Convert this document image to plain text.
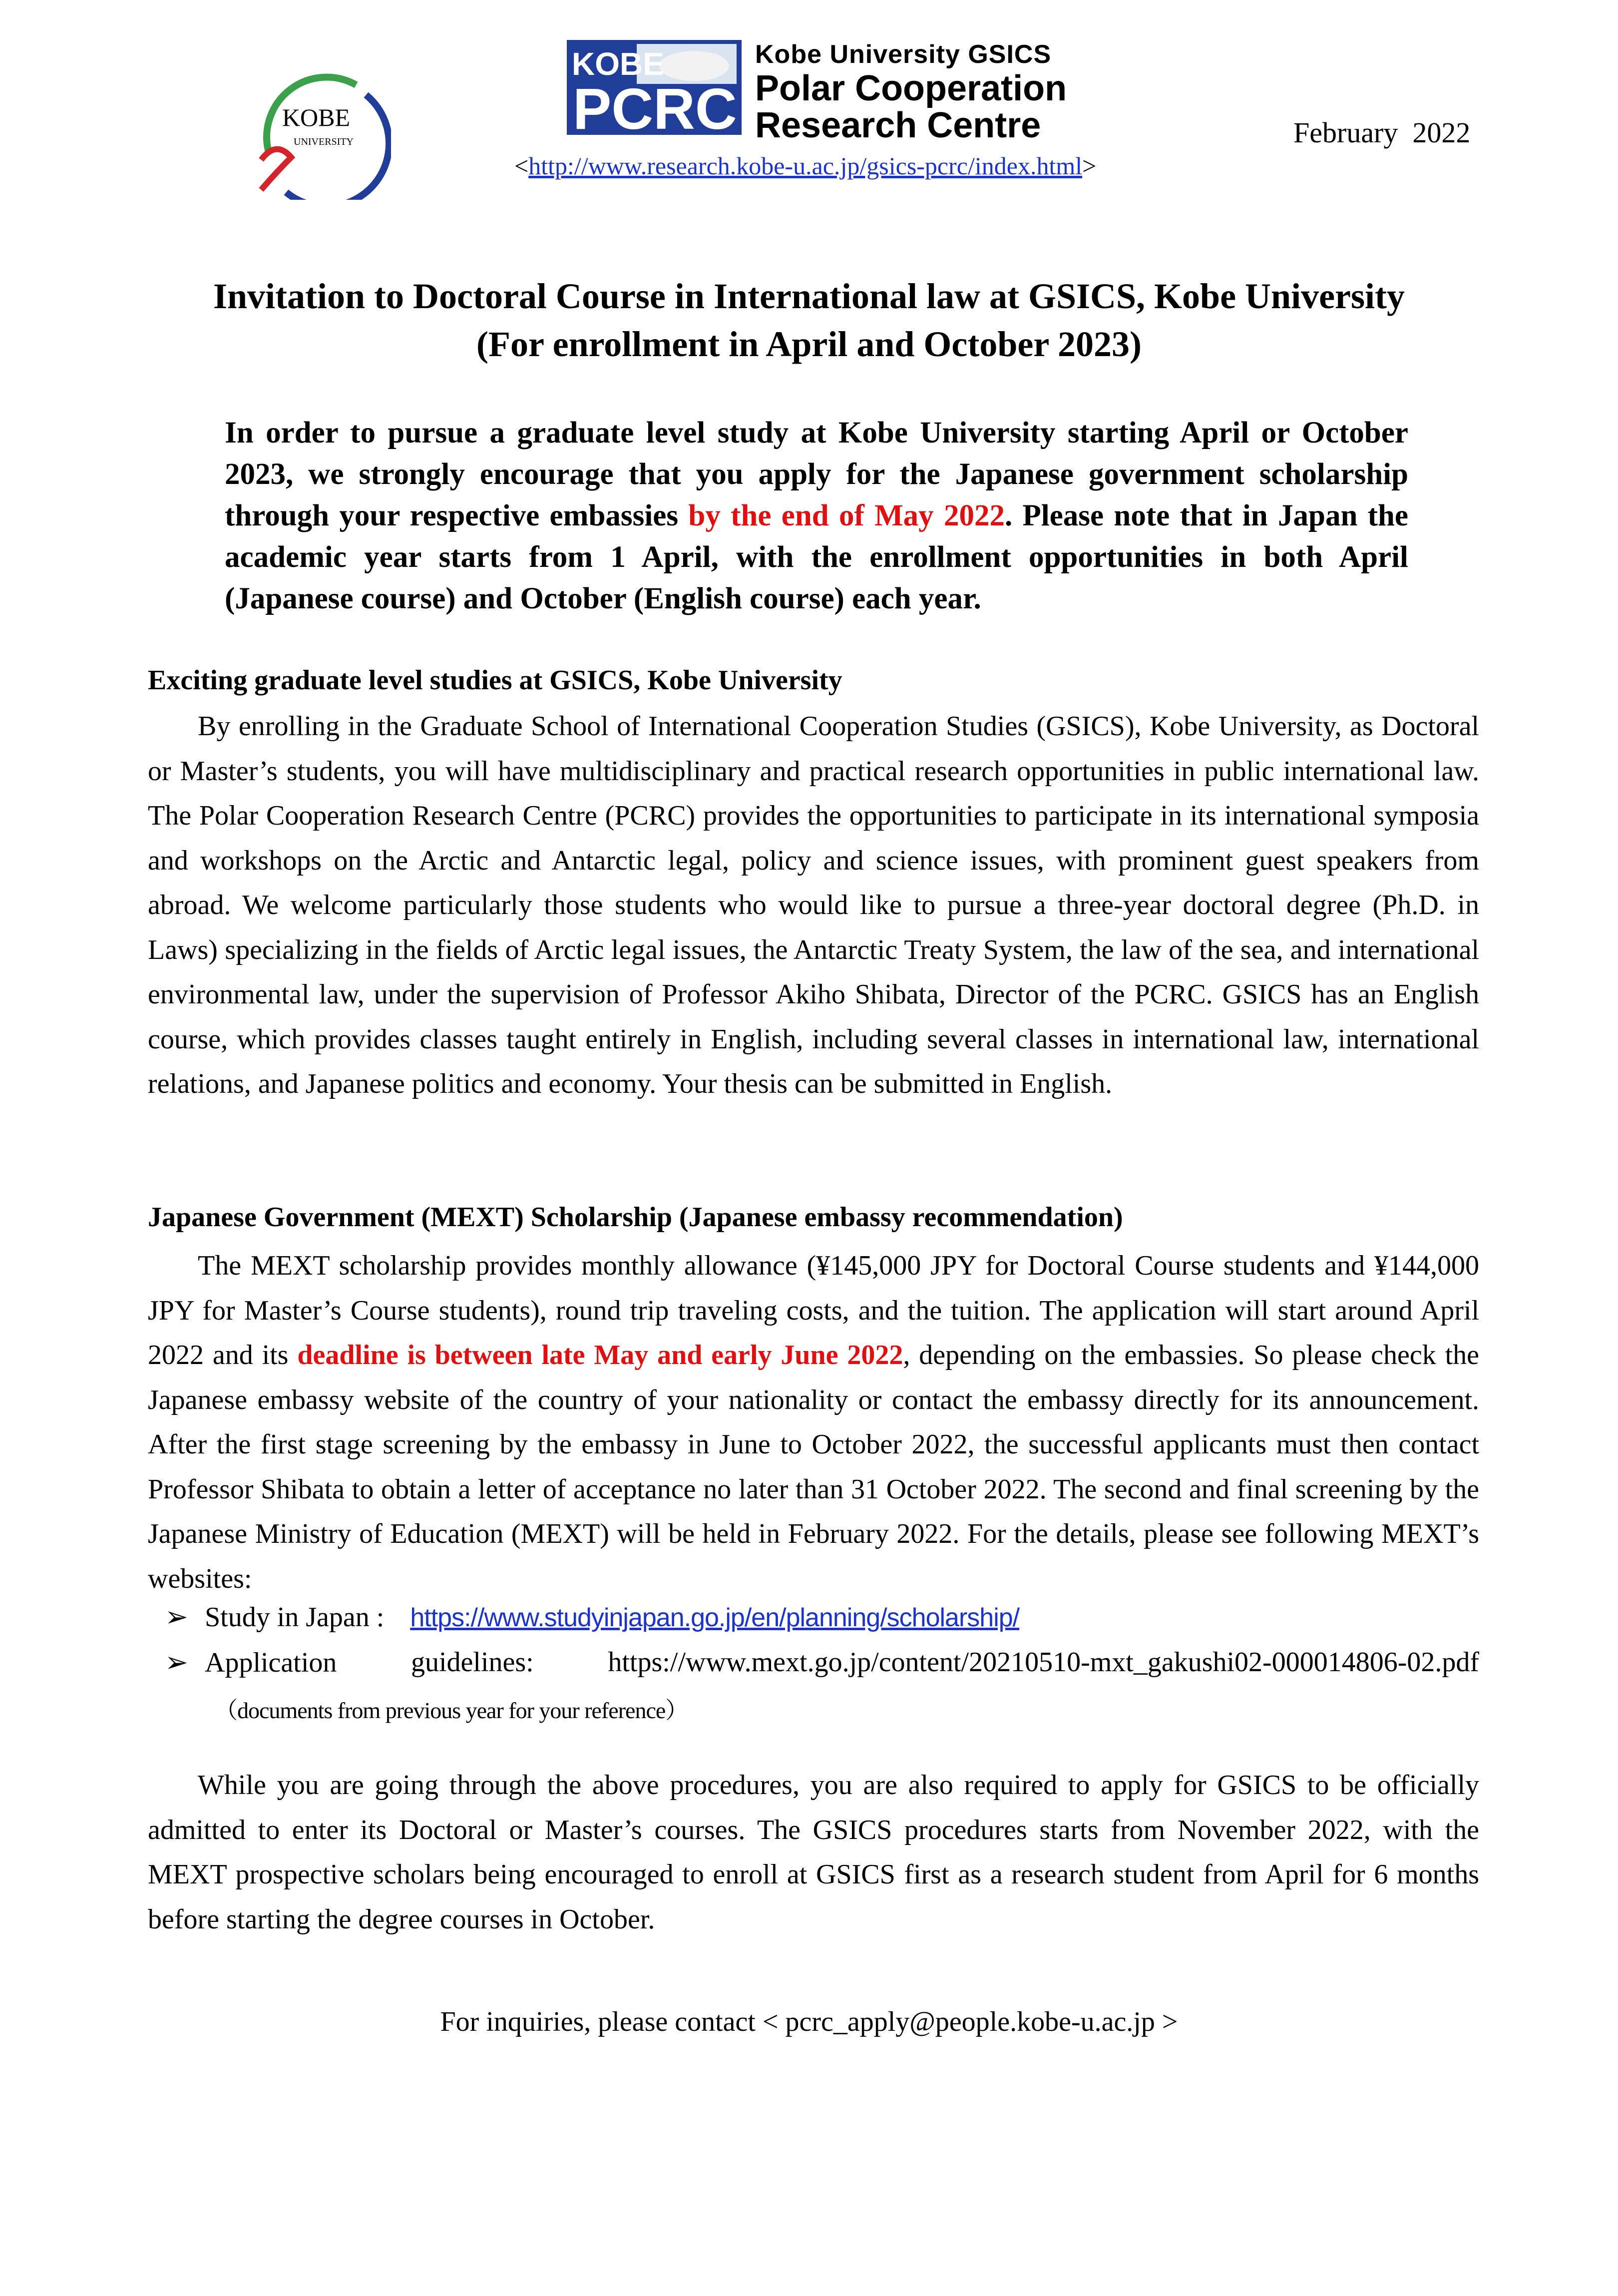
KOBE
UNIVERSITY
KOBE
PCRC
Kobe University GSICS
Polar Cooperation
Research Centre
<http://www.research.kobe-u.ac.jp/gsics-pcrc/index.html>
February  2022
Invitation to Doctoral Course in International law at GSICS, Kobe University
(For enrollment in April and October 2023)
In order to pursue a graduate level study at Kobe University starting April or October 2023, we strongly encourage that you apply for the Japanese government scholarship through your respective embassies by the end of May 2022. Please note that in Japan the academic year starts from 1 April, with the enrollment opportunities in both April (Japanese course) and October (English course) each year.
Exciting graduate level studies at GSICS, Kobe University

By enrolling in the Graduate School of International Cooperation Studies (GSICS), Kobe University, as Doctoral or Master’s students, you will have multidisciplinary and practical research opportunities in public international law. The Polar Cooperation Research Centre (PCRC) provides the opportunities to participate in its international symposia and workshops on the Arctic and Antarctic legal, policy and science issues, with prominent guest speakers from abroad. We welcome particularly those students who would like to pursue a three-year doctoral degree (Ph.D. in Laws) specializing in the fields of Arctic legal issues, the Antarctic Treaty System, the law of the sea, and international environmental law, under the supervision of Professor Akiho Shibata, Director of the PCRC. GSICS has an English course, which provides classes taught entirely in English, including several classes in international law, international relations, and Japanese politics and economy. Your thesis can be submitted in English.

Japanese Government (MEXT) Scholarship (Japanese embassy recommendation)

The MEXT scholarship provides monthly allowance (¥145,000 JPY for Doctoral Course students and ¥144,000 JPY for Master’s Course students), round trip traveling costs, and the tuition. The application will start around April 2022 and its deadline is between late May and early June 2022, depending on the embassies. So please check the Japanese embassy website of the country of your nationality or contact the embassy directly for its announcement. After the first stage screening by the embassy in June to October 2022, the successful applicants must then contact Professor Shibata to obtain a letter of acceptance no later than 31 October 2022. The second and final screening by the Japanese Ministry of Education (MEXT) will be held in February 2022. For the details, please see following MEXT’s websites:

➢ Study in Japan : https://www.studyinjapan.go.jp/en/planning/scholarship/
➢ Application	guidelines:	https://www.mext.go.jp/content/20210510-mxt_gakushi02-000014806-02.pdf
（documents from previous year for your reference）

While you are going through the above procedures, you are also required to apply for GSICS to be officially admitted to enter its Doctoral or Master’s courses. The GSICS procedures starts from November 2022, with the MEXT prospective scholars being encouraged to enroll at GSICS first as a research student from April for 6 months before starting the degree courses in October.

For inquiries, please contact < pcrc_apply@people.kobe-u.ac.jp >
